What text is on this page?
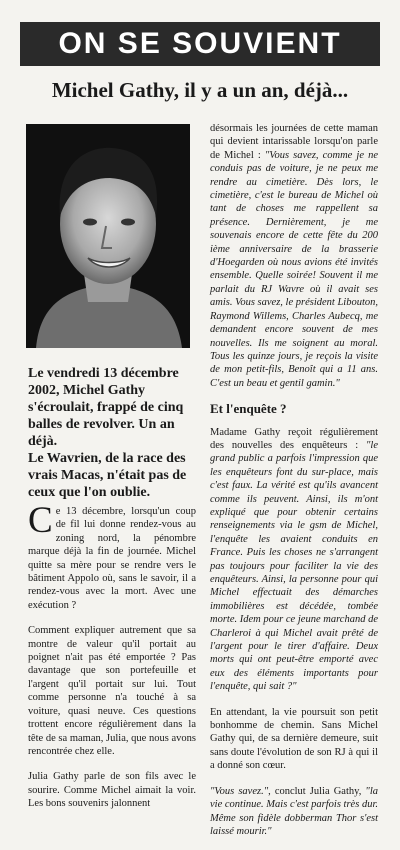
ON SE SOUVIENT
Michel Gathy, il y a un an, déjà...

Le vendredi 13 décembre 2002, Michel Gathy s'écroulait, frappé de cinq balles de revolver. Un an déjà.

Le Wavrien, de la race des vrais Macas, n'était pas de ceux que l'on oublie.

Ce 13 décembre, lorsqu'un coup de fil lui donne rendez-vous au zoning nord, la pénombre marque déjà la fin de journée. Michel quitte sa mère pour se rendre vers le bâtiment Appolo où, sans le savoir, il a rendez-vous avec la mort. Avec une exécution ?

Comment expliquer autrement que sa montre de valeur qu'il portait au poignet n'ait pas été emportée ? Pas davantage que son portefeuille et l'argent qu'il portait sur lui. Tout comme personne n'a touché à sa voiture, quasi neuve. Ces questions trottent encore régulièrement dans la tête de sa maman, Julia, que nous avons rencontrée chez elle.

Julia Gathy parle de son fils avec le sourire. Comme Michel aimait la voir. Les bons souvenirs jalonnent

désormais les journées de cette maman qui devient intarissable lorsqu'on parle de Michel : "Vous savez, comme je ne conduis pas de voiture, je ne peux me rendre au cimetière. Dès lors, le cimetière, c'est le bureau de Michel où tant de choses me rappellent sa présence. Dernièrement, je me souvenais encore de cette fête du 200 ième anniversaire de la brasserie d'Hoegarden où nous avions été invités ensemble. Quelle soirée! Souvent il me parlait du RJ Wavre où il avait ses amis. Vous savez, le président Libouton, Raymond Willems, Charles Aubecq, me demandent encore souvent de mes nouvelles. Ils me soignent au moral. Tous les quinze jours, je reçois la visite de mon petit-fils, Benoît qui a 11 ans. C'est un beau et gentil gamin."

Et l'enquête ?

Madame Gathy reçoit régulièrement des nouvelles des enquêteurs : "le grand public a parfois l'impression que les enquêteurs font du sur-place, mais c'est faux. La vérité est qu'ils avancent comme ils peuvent. Ainsi, ils m'ont expliqué que pour obtenir certains renseignements via le gsm de Michel, l'enquête les avaient conduits en France. Puis les choses ne s'arrangent pas toujours pour faciliter la vie des enquêteurs. Ainsi, la personne pour qui Michel effectuait des démarches immobilières est décédée, tombée morte. Idem pour ce jeune marchand de Charleroi à qui Michel avait prêté de l'argent pour le tirer d'affaire. Deux morts qui ont peut-être emporté avec eux des éléments importants pour l'enquête, qui sait ?"

En attendant, la vie poursuit son petit bonhomme de chemin. Sans Michel Gathy qui, de sa dernière demeure, suit sans doute l'évolution de son RJ à qui il a donné son cœur.

"Vous savez.", conclut Julia Gathy, "la vie continue. Mais c'est parfois très dur. Même son fidèle dobberman Thor s'est laissé mourir."
